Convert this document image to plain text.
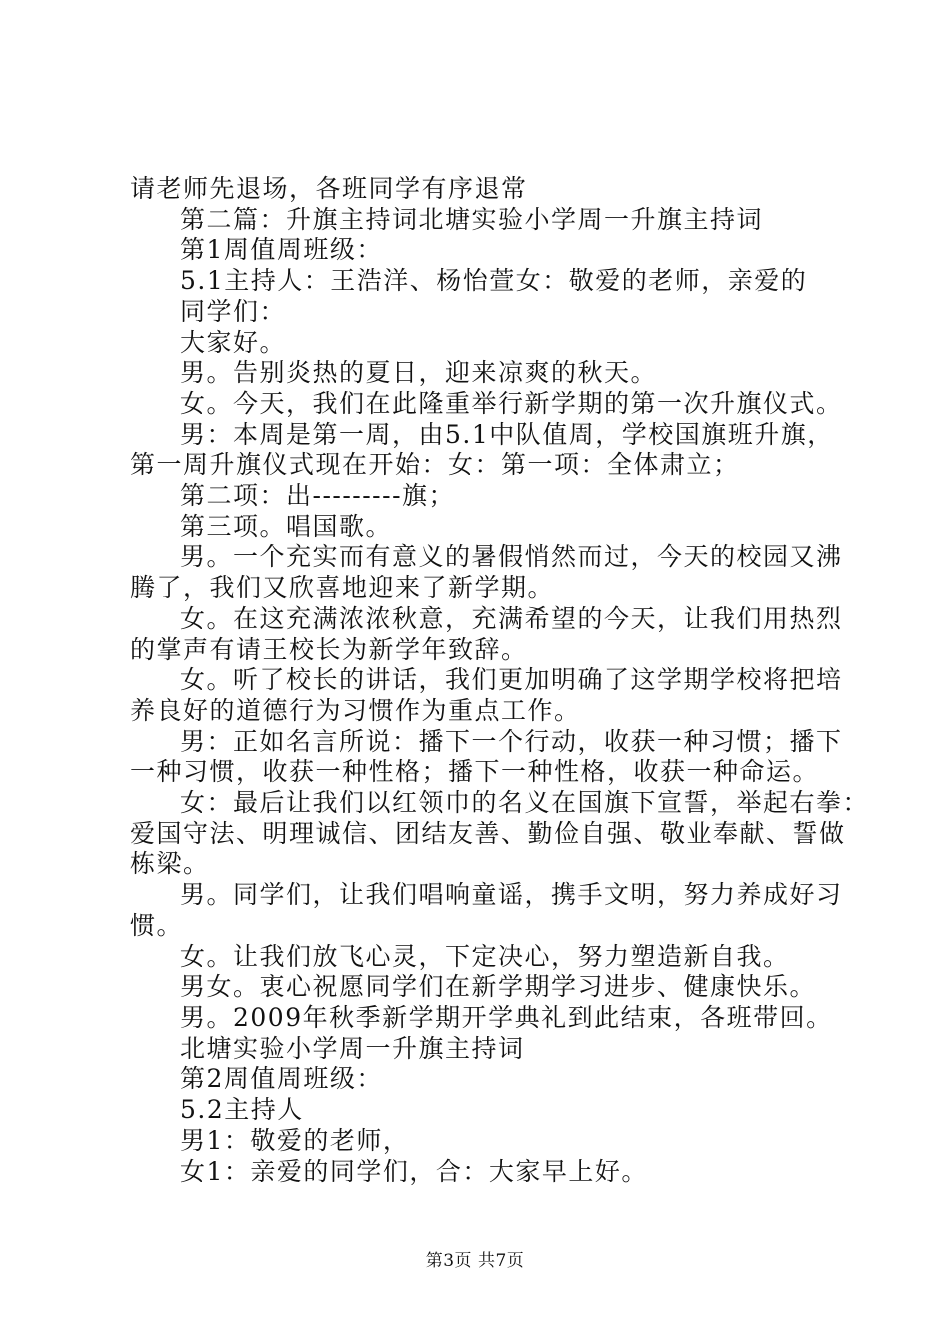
请老师先退场，各班同学有序退常
第二篇：升旗主持词北塘实验小学周一升旗主持词
第1周值周班级：
5.1主持人：王浩洋、杨怡萱女：敬爱的老师，亲爱的
同学们：
大家好。
男。告别炎热的夏日，迎来凉爽的秋天。
女。今天，我们在此隆重举行新学期的第一次升旗仪式。
男：本周是第一周，由5.1中队值周，学校国旗班升旗，
第一周升旗仪式现在开始：女：第一项：全体肃立；
第二项：出---------旗；
第三项。唱国歌。
男。一个充实而有意义的暑假悄然而过，今天的校园又沸
腾了，我们又欣喜地迎来了新学期。
女。在这充满浓浓秋意，充满希望的今天，让我们用热烈
的掌声有请王校长为新学年致辞。
女。听了校长的讲话，我们更加明确了这学期学校将把培
养良好的道德行为习惯作为重点工作。
男：正如名言所说：播下一个行动，收获一种习惯；播下
一种习惯，收获一种性格；播下一种性格，收获一种命运。
女：最后让我们以红领巾的名义在国旗下宣誓，举起右拳：
爱国守法、明理诚信、团结友善、勤俭自强、敬业奉献、誓做
栋梁。
男。同学们，让我们唱响童谣，携手文明，努力养成好习
惯。
女。让我们放飞心灵，下定决心，努力塑造新自我。
男女。衷心祝愿同学们在新学期学习进步、健康快乐。
男。2009年秋季新学期开学典礼到此结束，各班带回。
北塘实验小学周一升旗主持词
第2周值周班级：
5.2主持人
男1：敬爱的老师，
女1：亲爱的同学们，合：大家早上好。
第3页 共7页
